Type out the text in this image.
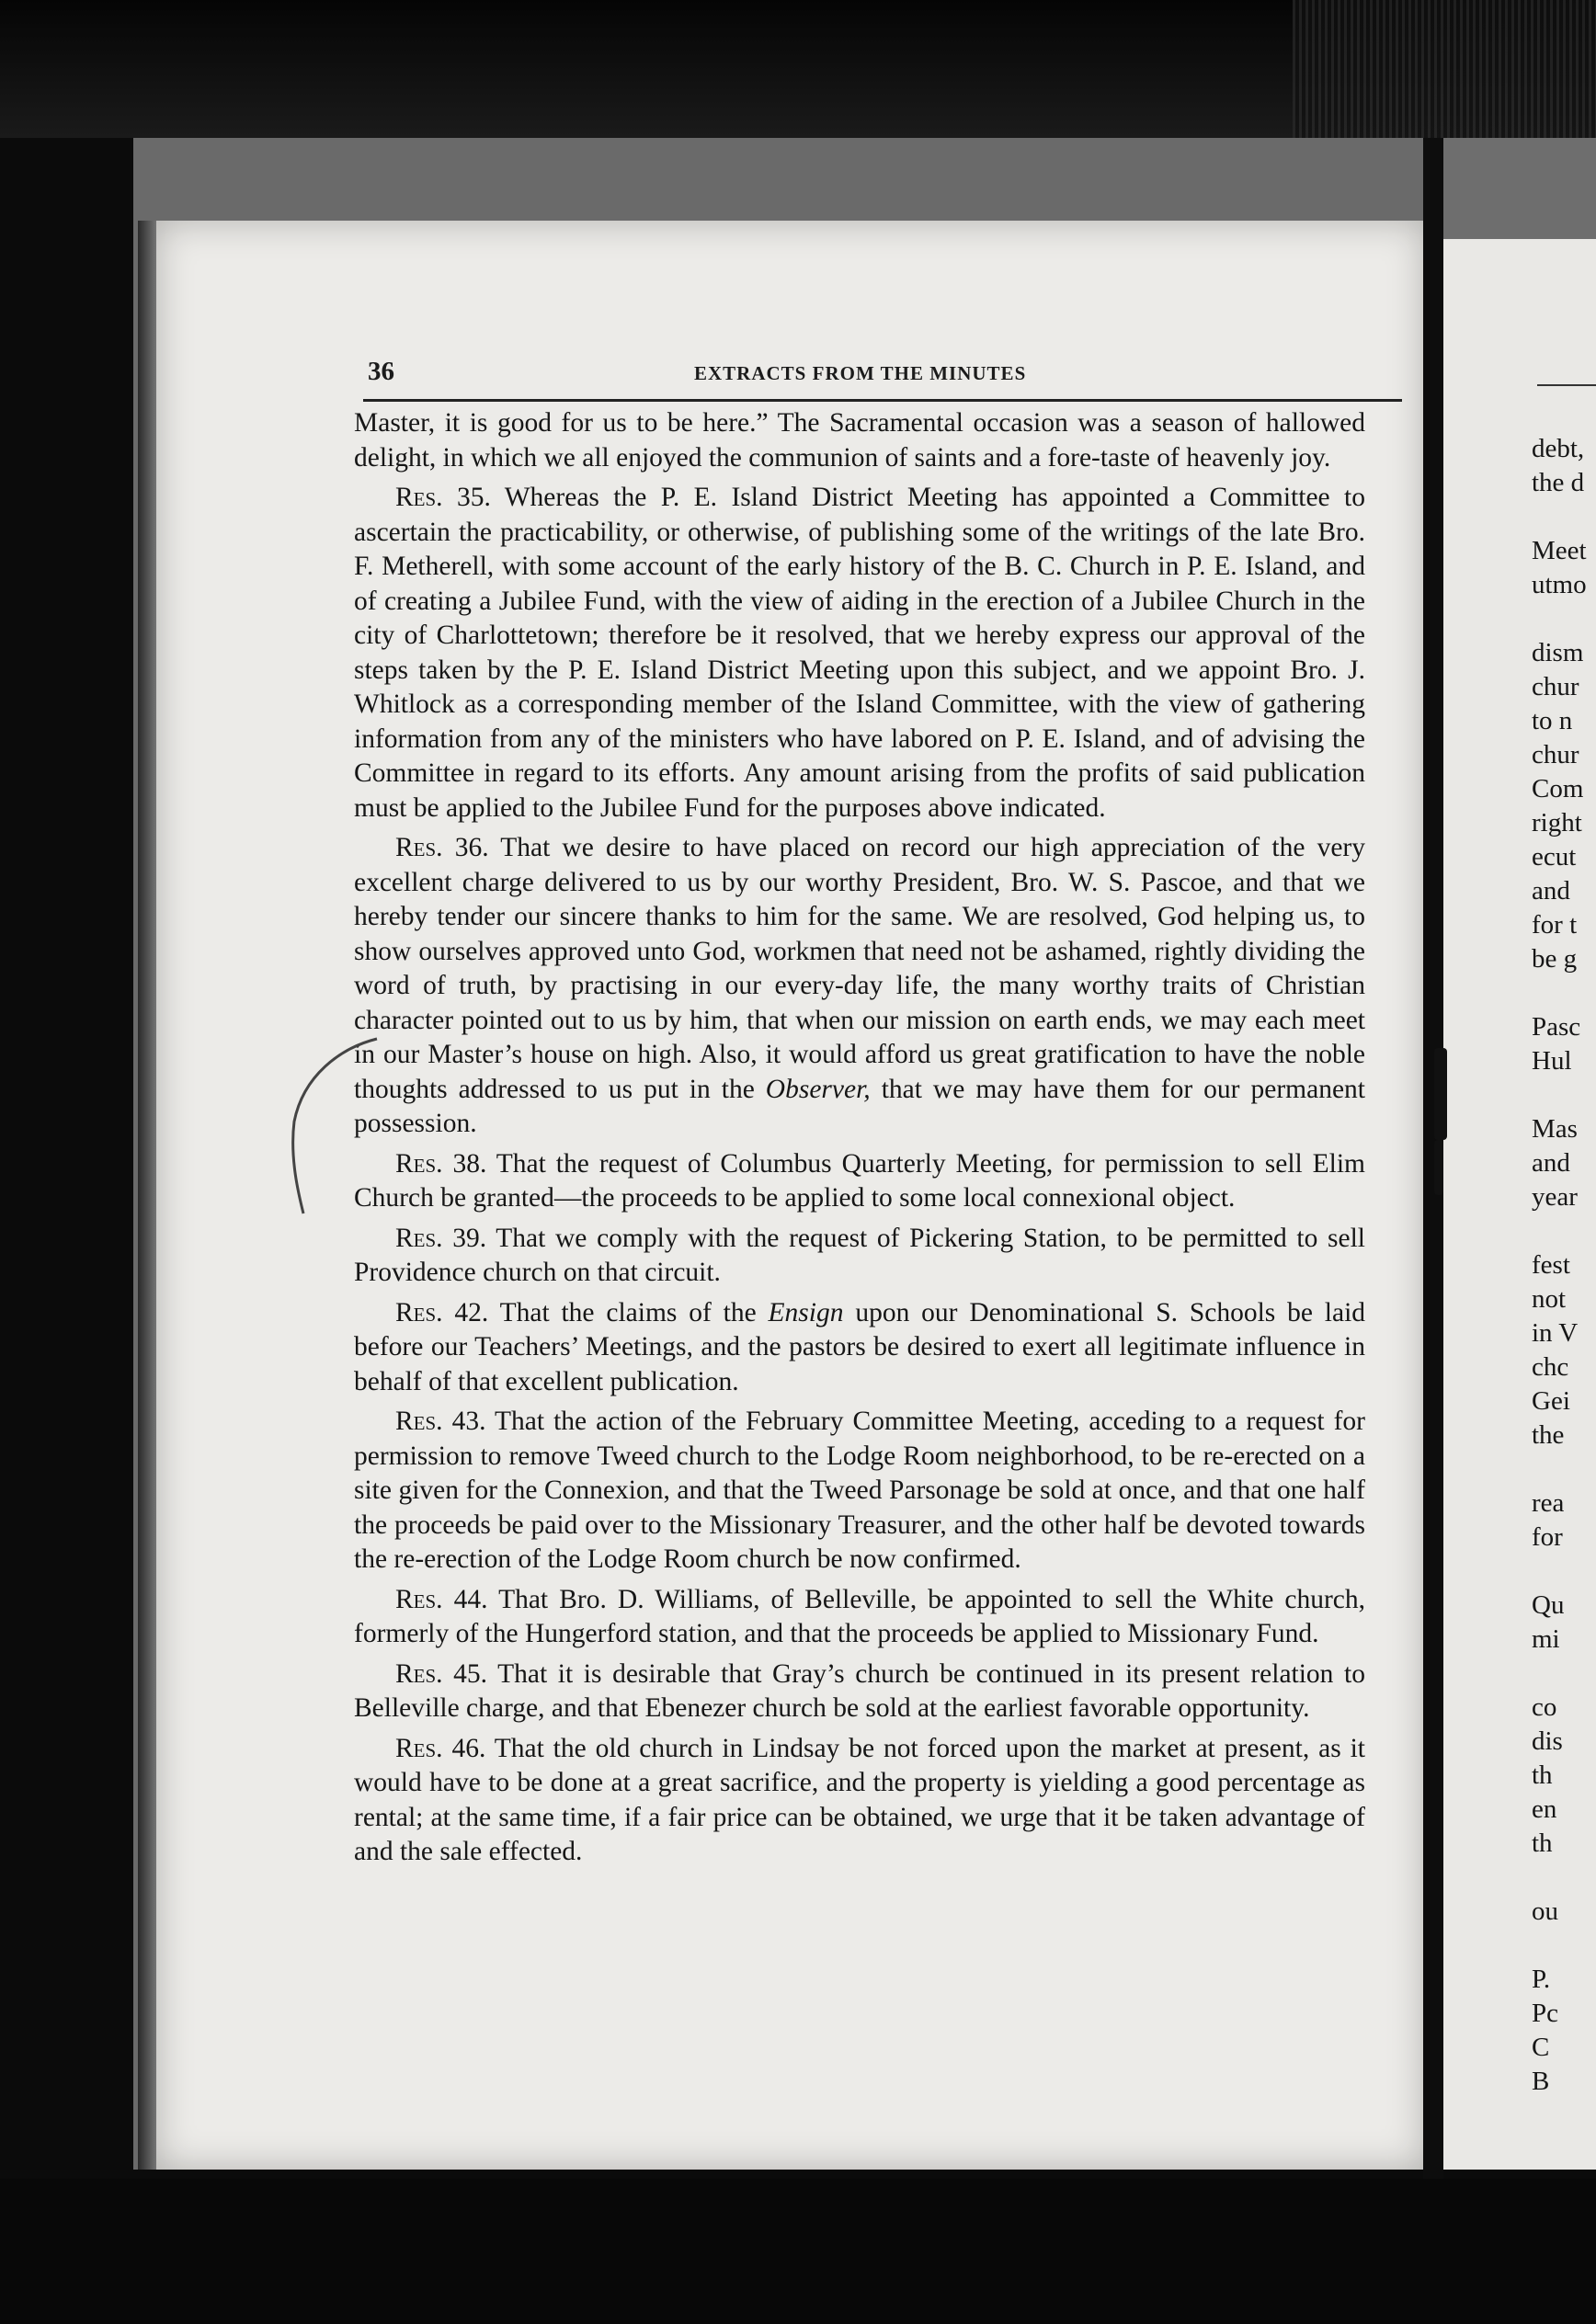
36	EXTRACTS FROM THE MINUTES

Master, it is good for us to be here.” The Sacramental occasion was a season of hallowed delight, in which we all enjoyed the communion of saints and a fore-taste of heavenly joy.

Res. 35. Whereas the P. E. Island District Meeting has appointed a Committee to ascertain the practicability, or otherwise, of publishing some of the writings of the late Bro. F. Metherell, with some account of the early history of the B. C. Church in P. E. Island, and of creating a Jubilee Fund, with the view of aiding in the erection of a Jubilee Church in the city of Charlottetown; therefore be it resolved, that we hereby express our approval of the steps taken by the P. E. Island District Meeting upon this subject, and we appoint Bro. J. Whitlock as a corresponding member of the Island Committee, with the view of gathering information from any of the ministers who have labored on P. E. Island, and of advising the Committee in regard to its efforts. Any amount arising from the profits of said publication must be applied to the Jubilee Fund for the purposes above indicated.

Res. 36. That we desire to have placed on record our high appreciation of the very excellent charge delivered to us by our worthy President, Bro. W. S. Pascoe, and that we hereby tender our sincere thanks to him for the same. We are resolved, God helping us, to show ourselves approved unto God, workmen that need not be ashamed, rightly dividing the word of truth, by practising in our every-day life, the many worthy traits of Christian character pointed out to us by him, that when our mission on earth ends, we may each meet in our Master’s house on high. Also, it would afford us great gratification to have the noble thoughts addressed to us put in the Observer, that we may have them for our permanent possession.

Res. 38. That the request of Columbus Quarterly Meeting, for permission to sell Elim Church be granted—the proceeds to be applied to some local connexional object.

Res. 39. That we comply with the request of Pickering Station, to be permitted to sell Providence church on that circuit.

Res. 42. That the claims of the Ensign upon our Denominational S. Schools be laid before our Teachers’ Meetings, and the pastors be desired to exert all legitimate influence in behalf of that excellent publication.

Res. 43. That the action of the February Committee Meeting, acceding to a request for permission to remove Tweed church to the Lodge Room neighborhood, to be re-erected on a site given for the Connexion, and that the Tweed Parsonage be sold at once, and that one half the proceeds be paid over to the Missionary Treasurer, and the other half be devoted towards the re-erection of the Lodge Room church be now confirmed.

Res. 44. That Bro. D. Williams, of Belleville, be appointed to sell the White church, formerly of the Hungerford station, and that the proceeds be applied to Missionary Fund.

Res. 45. That it is desirable that Gray’s church be continued in its present relation to Belleville charge, and that Ebenezer church be sold at the earliest favorable opportunity.

Res. 46. That the old church in Lindsay be not forced upon the market at present, as it would have to be done at a great sacrifice, and the property is yielding a good percentage as rental; at the same time, if a fair price can be obtained, we urge that it be taken advantage of and the sale effected.

debt,
the d
Meet
utmo
dism
chur
to n
chur
Com
right
ecut
and
for t
be g
Pasc
Hul
Mas
and
year
fest
not
in V
chc
Gei
the
rea
for
Qu
mi
co
dis
th
en
th
ou
P.
Pc
C
B
